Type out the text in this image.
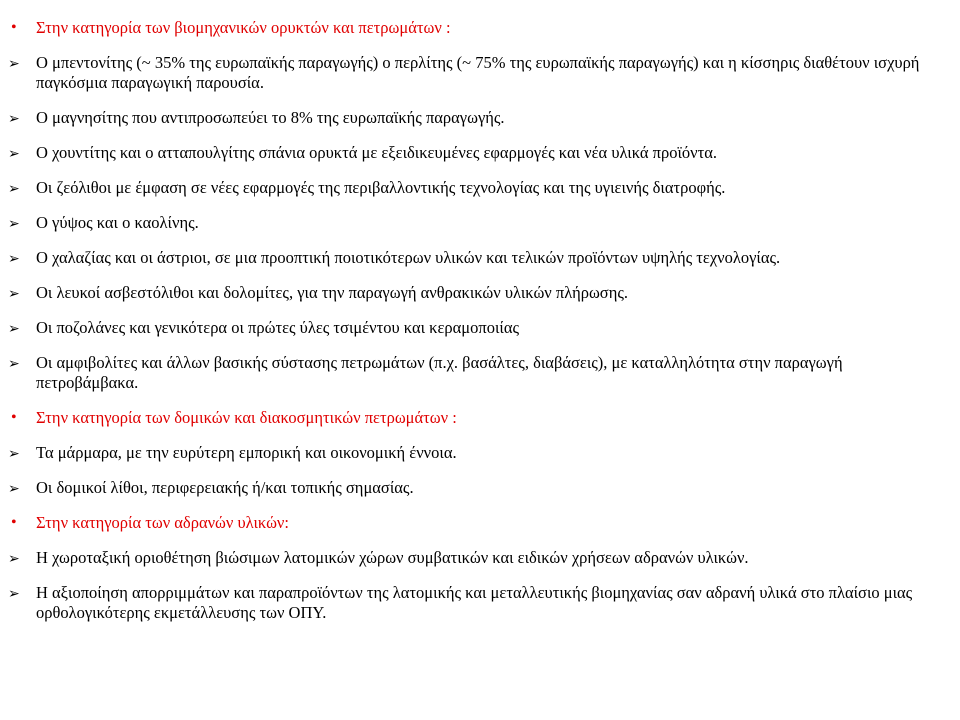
•	Στην κατηγορία των βιομηχανικών ορυκτών και πετρωμάτων :
➢ Ο μπεντονίτης (~ 35% της ευρωπαϊκής παραγωγής) ο περλίτης (~ 75% της ευρωπαϊκής παραγωγής) και η κίσσηρις διαθέτουν ισχυρή παγκόσμια παραγωγική παρουσία.
➢ Ο μαγνησίτης που αντιπροσωπεύει το 8% της ευρωπαϊκής παραγωγής.
➢ Ο χουντίτης και ο ατταπουλγίτης σπάνια ορυκτά με εξειδικευμένες εφαρμογές και νέα υλικά προϊόντα.
➢ Οι ζεόλιθοι με έμφαση σε νέες εφαρμογές της περιβαλλοντικής τεχνολογίας και της υγιεινής διατροφής.
➢ Ο γύψος και ο καολίνης.
➢ Ο χαλαζίας και οι άστριοι, σε μια προοπτική ποιοτικότερων υλικών και τελικών προϊόντων υψηλής τεχνολογίας.
➢ Οι λευκοί ασβεστόλιθοι και δολομίτες, για την παραγωγή ανθρακικών υλικών πλήρωσης.
➢ Οι ποζολάνες και γενικότερα οι πρώτες ύλες τσιμέντου και κεραμοποιίας
➢ Οι αμφιβολίτες και άλλων βασικής σύστασης πετρωμάτων (π.χ. βασάλτες, διαβάσεις), με καταλληλότητα στην παραγωγή πετροβάμβακα.
•	Στην κατηγορία των δομικών και διακοσμητικών πετρωμάτων :
➢ Τα μάρμαρα, με την ευρύτερη εμπορική και οικονομική έννοια.
➢ Οι δομικοί λίθοι, περιφερειακής ή/και τοπικής σημασίας.
•	Στην κατηγορία των αδρανών υλικών:
➢ Η χωροταξική οριοθέτηση βιώσιμων λατομικών χώρων συμβατικών και ειδικών χρήσεων αδρανών υλικών.
➢ Η αξιοποίηση απορριμμάτων και παραπροϊόντων της λατομικής και μεταλλευτικής βιομηχανίας σαν αδρανή υλικά στο πλαίσιο μιας ορθολογικότερης εκμετάλλευσης των ΟΠΥ.
